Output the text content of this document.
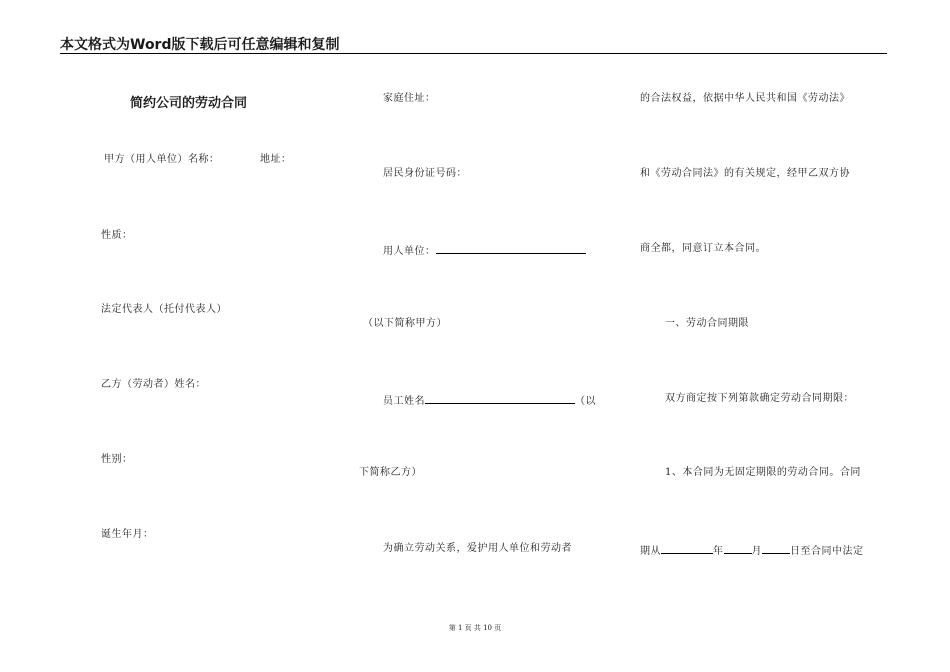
本文格式为Word版下载后可任意编辑和复制
简约公司的劳动合同
甲方（用人单位）名称：	地址：
性质：
法定代表人（托付代表人）
乙方（劳动者）姓名：
性别：
诞生年月：
家庭住址：
居民身份证号码：
用人单位：
（以下简称甲方）
员工姓名	（以
下简称乙方）
为确立劳动关系，爱护用人单位和劳动者
的合法权益，依据中华人民共和国《劳动法》
和《劳动合同法》的有关规定，经甲乙双方协
商全都，同意订立本合同。
一、劳动合同期限
双方商定按下列第款确定劳动合同期限：
1、本合同为无固定期限的劳动合同。合同
期从	年	月	日至合同中法定
第 1 页 共 10 页
